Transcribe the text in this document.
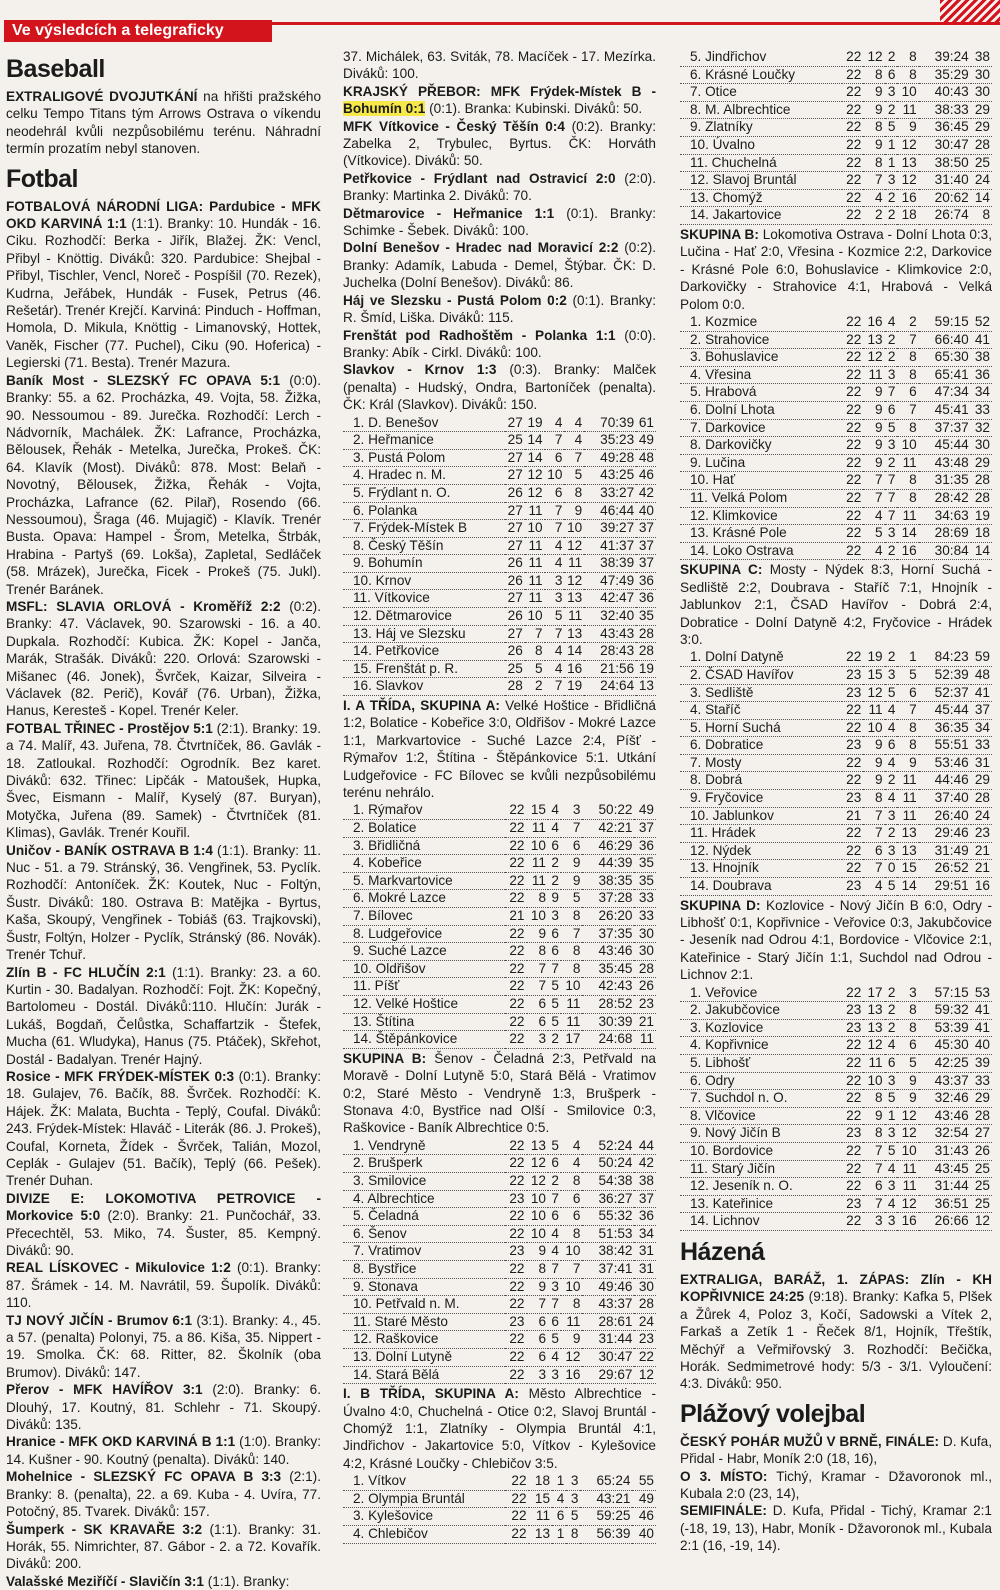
Ve výsledcích a telegraficky
Baseball

EXTRALIGOVÉ DVOJUTKÁNÍ na hřišti pražského celku Tempo Titans tým Arrows Ostrava o víkendu neodehrál kvůli nezpůsobilému terénu. Náhradní termín prozatím nebyl stanoven.

Fotbal

FOTBALOVÁ NÁRODNÍ LIGA: Pardubice - MFK OKD KARVINÁ 1:1 (1:1). Branky: 10. Hundák - 16. Ciku. Rozhodčí: Berka - Jiřík, Blažej. ŽK: Vencl, Přibyl - Knöttig. Diváků: 320. Pardubice: Shejbal - Přibyl, Tischler, Vencl, Noreč - Pospíšil (70. Rezek), Kudrna, Jeřábek, Hundák - Fusek, Petrus (46. Rešetár). Trenér Krejčí. Karviná: Pinduch - Hoffman, Homola, D. Mikula, Knöttig - Limanovský, Hottek, Vaněk, Fischer (77. Puchel), Ciku (90. Hoferica) - Legierski (71. Besta). Trenér Mazura.

Baník Most - SLEZSKÝ FC OPAVA 5:1 (0:0). Branky: 55. a 62. Procházka, 49. Vojta, 58. Žižka, 90. Nessoumou - 89. Jurečka. Rozhodčí: Lerch - Nádvorník, Machálek. ŽK: Lafrance, Procházka, Bělousek, Řehák - Metelka, Jurečka, Prokeš. ČK: 64. Klavík (Most). Diváků: 878. Most: Belaň - Novotný, Bělousek, Žižka, Řehák - Vojta, Procházka, Lafrance (62. Pilař), Rosendo (66. Nessoumou), Šraga (46. Mujagič) - Klavík. Trenér Busta. Opava: Hampel - Šrom, Metelka, Štrbák, Hrabina - Partyš (69. Lokša), Zapletal, Sedláček (58. Mrázek), Jurečka, Ficek - Prokeš (75. Jukl). Trenér Baránek.

MSFL: SLAVIA ORLOVÁ - Kroměříž 2:2 (0:2). Branky: 47. Václavek, 90. Szarowski - 16. a 40. Dupkala. Rozhodčí: Kubica. ŽK: Kopel - Janča, Marák, Strašák. Diváků: 220. Orlová: Szarowski - Mišanec (46. Jonek), Švrček, Kaizar, Silveira - Václavek (82. Perič), Kovář (76. Urban), Žižka, Hanus, Keresteš - Kopel. Trenér Keler.

FOTBAL TŘINEC - Prostějov 5:1 (2:1). Branky: 19. a 74. Malíř, 43. Juřena, 78. Čtvrtníček, 86. Gavlák - 18. Zatloukal. Rozhodčí: Ogrodník. Bez karet. Diváků: 632. Třinec: Lipčák - Matoušek, Hupka, Švec, Eismann - Malíř, Kyselý (87. Buryan), Motyčka, Juřena (89. Samek) - Čtvrtníček (81. Klimas), Gavlák. Trenér Kouřil.

Uničov - BANÍK OSTRAVA B 1:4 (1:1). Branky: 11. Nuc - 51. a 79. Stránský, 36. Vengřinek, 53. Pyclík. Rozhodčí: Antoníček. ŽK: Koutek, Nuc - Foltýn, Šustr. Diváků: 180. Ostrava B: Matějka - Byrtus, Kaša, Skoupý, Vengřinek - Tobiáš (63. Trajkovski), Šustr, Foltýn, Holzer - Pyclík, Stránský (86. Novák). Trenér Tchuř.

Zlín B - FC HLUČÍN 2:1 (1:1). Branky: 23. a 60. Kurtin - 30. Badalyan. Rozhodčí: Fojt. ŽK: Kopečný, Bartolomeu - Dostál. Diváků:110. Hlučín: Jurák - Lukáš, Bogdaň, Čelůstka, Schaffartzik - Štefek, Mucha (61. Wludyka), Hanus (75. Ptáček), Skřehot, Dostál - Badalyan. Trenér Hajný.

Rosice - MFK FRÝDEK-MÍSTEK 0:3 (0:1). Branky: 18. Gulajev, 76. Bačík, 88. Švrček. Rozhodčí: K. Hájek. ŽK: Malata, Buchta - Teplý, Coufal. Diváků: 243. Frýdek-Místek: Hlaváč - Literák (86. J. Prokeš), Coufal, Korneta, Žídek - Švrček, Talián, Mozol, Ceplák - Gulajev (51. Bačík), Teplý (66. Pešek). Trenér Duhan.

DIVIZE E: LOKOMOTIVA PETROVICE - Morkovice 5:0 (2:0). Branky: 21. Punčochář, 33. Přecechtěl, 53. Miko, 74. Šuster, 85. Kempný. Diváků: 90.

REAL LÍSKOVEC - Mikulovice 1:2 (0:1). Branky: 87. Šrámek - 14. M. Navrátil, 59. Šupolík. Diváků: 110.

TJ NOVÝ JIČÍN - Brumov 6:1 (3:1). Branky: 4., 45. a 57. (penalta) Polonyi, 75. a 86. Kiša, 35. Nippert - 19. Smolka. ČK: 68. Ritter, 82. Školník (oba Brumov). Diváků: 147.

Přerov - MFK HAVÍŘOV 3:1 (2:0). Branky: 6. Dlouhý, 17. Koutný, 81. Schlehr - 71. Skoupý. Diváků: 135.

Hranice - MFK OKD KARVINÁ B 1:1 (1:0). Branky: 14. Kušner - 90. Koutný (penalta). Diváků: 140.

Mohelnice - SLEZSKÝ FC OPAVA B 3:3 (2:1). Branky: 8. (penalta), 22. a 69. Kuba - 4. Uvíra, 77. Potočný, 85. Tvarek. Diváků: 157.

Šumperk - SK KRAVAŘE 3:2 (1:1). Branky: 31. Horák, 55. Nimrichter, 87. Gábor - 2. a 72. Kovařík. Diváků: 200.

Valašské Meziříčí - Slavičín 3:1 (1:1). Branky:

37. Michálek, 63. Sviták, 78. Macíček - 17. Mezírka. Diváků: 100.

KRAJSKÝ PŘEBOR: MFK Frýdek-Místek B - Bohumín 0:1 (0:1). Branka: Kubinski. Diváků: 50.

MFK Vítkovice - Český Těšín 0:4 (0:2). Branky: Zabelka 2, Trybulec, Byrtus. ČK: Horváth (Vítkovice). Diváků: 50.

Petřkovice - Frýdlant nad Ostravicí 2:0 (2:0). Branky: Martinka 2. Diváků: 70.

Dětmarovice - Heřmanice 1:1 (0:1). Branky: Schimke - Šebek. Diváků: 100.

Dolní Benešov - Hradec nad Moravicí 2:2 (0:2). Branky: Adamík, Labuda - Demel, Štýbar. ČK: D. Juchelka (Dolní Benešov). Diváků: 86.

Háj ve Slezsku - Pustá Polom 0:2 (0:1). Branky: R. Šmíd, Liška. Diváků: 115.

Frenštát pod Radhoštěm - Polanka 1:1 (0:0). Branky: Abík - Cirkl. Diváků: 100.

Slavkov - Krnov 1:3 (0:3). Branky: Malček (penalta) - Hudský, Ondra, Bartoníček (penalta). ČK: Král (Slavkov). Diváků: 150.

1. D. Benešov	27	19	4	4	70:39	61
2. Heřmanice	25	14	7	4	35:23	49
3. Pustá Polom	27	14	6	7	49:28	48
4. Hradec n. M.	27	12	10	5	43:25	46
5. Frýdlant n. O.	26	12	6	8	33:27	42
6. Polanka	27	11	7	9	46:44	40
7. Frýdek-Místek B	27	10	7	10	39:27	37
8. Český Těšín	27	11	4	12	41:37	37
9. Bohumín	26	11	4	11	38:39	37
10. Krnov	26	11	3	12	47:49	36
11. Vítkovice	27	11	3	13	42:47	36
12. Dětmarovice	26	10	5	11	32:40	35
13. Háj ve Slezsku	27	7	7	13	43:43	28
14. Petřkovice	26	8	4	14	28:43	28
15. Frenštát p. R.	25	5	4	16	21:56	19
16. Slavkov	28	2	7	19	24:64	13

I. A TŘÍDA, SKUPINA A: Velké Hoštice - Břidličná 1:2, Bolatice - Kobeřice 3:0, Oldřišov - Mokré Lazce 1:1, Markvartovice - Suché Lazce 2:4, Píšť - Rýmařov 1:2, Štítina - Štěpánkovice 5:1. Utkání Ludgeřovice - FC Bílovec se kvůli nezpůsobilému terénu nehrálo.

1. Rýmařov	22	15	4	3	50:22	49
2. Bolatice	22	11	4	7	42:21	37
3. Břidličná	22	10	6	6	46:29	36
4. Kobeřice	22	11	2	9	44:39	35
5. Markvartovice	22	11	2	9	38:35	35
6. Mokré Lazce	22	8	9	5	37:28	33
7. Bílovec	21	10	3	8	26:20	33
8. Ludgeřovice	22	9	6	7	37:35	30
9. Suché Lazce	22	8	6	8	43:46	30
10. Oldřišov	22	7	7	8	35:45	28
11. Píšť	22	7	5	10	42:43	26
12. Velké Hoštice	22	6	5	11	28:52	23
13. Štítina	22	6	5	11	30:39	21
14. Štěpánkovice	22	3	2	17	24:68	11

SKUPINA B: Šenov - Čeladná 2:3, Petřvald na Moravě - Dolní Lutyně 5:0, Stará Bělá - Vratimov 0:2, Staré Město - Vendryně 1:3, Brušperk - Stonava 4:0, Bystřice nad Olší - Smilovice 0:3, Raškovice - Baník Albrechtice 0:5.

1. Vendryně	22	13	5	4	52:24	44
2. Brušperk	22	12	6	4	50:24	42
3. Smilovice	22	12	2	8	54:38	38
4. Albrechtice	23	10	7	6	36:27	37
5. Čeladná	22	10	6	6	55:32	36
6. Šenov	22	10	4	8	51:53	34
7. Vratimov	23	9	4	10	38:42	31
8. Bystřice	22	8	7	7	37:41	31
9. Stonava	22	9	3	10	49:46	30
10. Petřvald n. M.	22	7	7	8	43:37	28
11. Staré Město	23	6	6	11	28:61	24
12. Raškovice	22	6	5	9	31:44	23
13. Dolní Lutyně	22	6	4	12	30:47	22
14. Stará Bělá	22	3	3	16	29:67	12

I. B TŘÍDA, SKUPINA A: Město Albrechtice - Úvalno 4:0, Chuchelná - Otice 0:2, Slavoj Bruntál - Chomýž 1:1, Zlatníky - Olympia Bruntál 4:1, Jindřichov - Jakartovice 5:0, Vítkov - Kylešovice 4:2, Krásné Loučky - Chlebičov 3:5.

1. Vítkov	22	18	1	3	65:24	55
2. Olympia Bruntál	22	15	4	3	43:21	49
3. Kylešovice	22	11	6	5	59:25	46
4. Chlebičov	22	13	1	8	56:39	40
5. Jindřichov	22	12	2	8	39:24	38
6. Krásné Loučky	22	8	6	8	35:29	30
7. Otice	22	9	3	10	40:43	30
8. M. Albrechtice	22	9	2	11	38:33	29
9. Zlatníky	22	8	5	9	36:45	29
10. Úvalno	22	9	1	12	30:47	28
11. Chuchelná	22	8	1	13	38:50	25
12. Slavoj Bruntál	22	7	3	12	31:40	24
13. Chomýž	22	4	2	16	20:62	14
14. Jakartovice	22	2	2	18	26:74	8

SKUPINA B: Lokomotiva Ostrava - Dolní Lhota 0:3, Lučina - Hať 2:0, Vřesina - Kozmice 2:2, Darkovice - Krásné Pole 6:0, Bohuslavice - Klimkovice 2:0, Darkovičky - Strahovice 4:1, Hrabová - Velká Polom 0:0.

1. Kozmice	22	16	4	2	59:15	52
2. Strahovice	22	13	2	7	66:40	41
3. Bohuslavice	22	12	2	8	65:30	38
4. Vřesina	22	11	3	8	65:41	36
5. Hrabová	22	9	7	6	47:34	34
6. Dolní Lhota	22	9	6	7	45:41	33
7. Darkovice	22	9	5	8	37:37	32
8. Darkovičky	22	9	3	10	45:44	30
9. Lučina	22	9	2	11	43:48	29
10. Hať	22	7	7	8	31:35	28
11. Velká Polom	22	7	7	8	28:42	28
12. Klimkovice	22	4	7	11	34:63	19
13. Krásné Pole	22	5	3	14	28:69	18
14. Loko Ostrava	22	4	2	16	30:84	14

SKUPINA C: Mosty - Nýdek 8:3, Horní Suchá - Sedliště 2:2, Doubrava - Staříč 7:1, Hnojník - Jablunkov 2:1, ČSAD Havířov - Dobrá 2:4, Dobratice - Dolní Datyně 4:2, Fryčovice - Hrádek 3:0.

1. Dolní Datyně	22	19	2	1	84:23	59
2. ČSAD Havířov	23	15	3	5	52:39	48
3. Sedliště	23	12	5	6	52:37	41
4. Staříč	22	11	4	7	45:44	37
5. Horní Suchá	22	10	4	8	36:35	34
6. Dobratice	23	9	6	8	55:51	33
7. Mosty	22	9	4	9	53:46	31
8. Dobrá	22	9	2	11	44:46	29
9. Fryčovice	23	8	4	11	37:40	28
10. Jablunkov	21	7	3	11	26:40	24
11. Hrádek	22	7	2	13	29:46	23
12. Nýdek	22	6	3	13	31:49	21
13. Hnojník	22	7	0	15	26:52	21
14. Doubrava	23	4	5	14	29:51	16

SKUPINA D: Kozlovice - Nový Jičín B 6:0, Odry - Libhošť 0:1, Kopřivnice - Veřovice 0:3, Jakubčovice - Jeseník nad Odrou 4:1, Bordovice - Vlčovice 2:1, Kateřinice - Starý Jičín 1:1, Suchdol nad Odrou - Lichnov 2:1.

1. Veřovice	22	17	2	3	57:15	53
2. Jakubčovice	23	13	2	8	59:32	41
3. Kozlovice	23	13	2	8	53:39	41
4. Kopřivnice	22	12	4	6	45:30	40
5. Libhošť	22	11	6	5	42:25	39
6. Odry	22	10	3	9	43:37	33
7. Suchdol n. O.	22	8	5	9	32:46	29
8. Vlčovice	22	9	1	12	43:46	28
9. Nový Jičín B	23	8	3	12	32:54	27
10. Bordovice	22	7	5	10	31:43	26
11. Starý Jičín	22	7	4	11	43:45	25
12. Jeseník n. O.	22	6	3	11	31:44	25
13. Kateřinice	23	7	4	12	36:51	25
14. Lichnov	22	3	3	16	26:66	12
Házená

EXTRALIGA, BARÁŽ, 1. ZÁPAS: Zlín - KH KOPŘIVNICE 24:25 (9:18). Branky: Kafka 5, Plšek a Žůrek 4, Poloz 3, Kočí, Sadowski a Vítek 2, Farkaš a Zetík 1 - Řeček 8/1, Hojník, Třeštík, Měchýř a Veřmiřovský 3. Rozhodčí: Bečička, Horák. Sedmimetrové hody: 5/3 - 3/1. Vyloučení: 4:3. Diváků: 950.

Plážový volejbal

ČESKÝ POHÁR MUŽŮ V BRNĚ, FINÁLE: D. Kufa, Přidal - Habr, Moník 2:0 (18, 16),

O 3. MÍSTO: Tichý, Kramar - Džavoronok ml., Kubala 2:0 (23, 14),

SEMIFINÁLE: D. Kufa, Přidal - Tichý, Kramar 2:1 (-18, 19, 13), Habr, Moník - Džavoronok ml., Kubala 2:1 (16, -19, 14).
